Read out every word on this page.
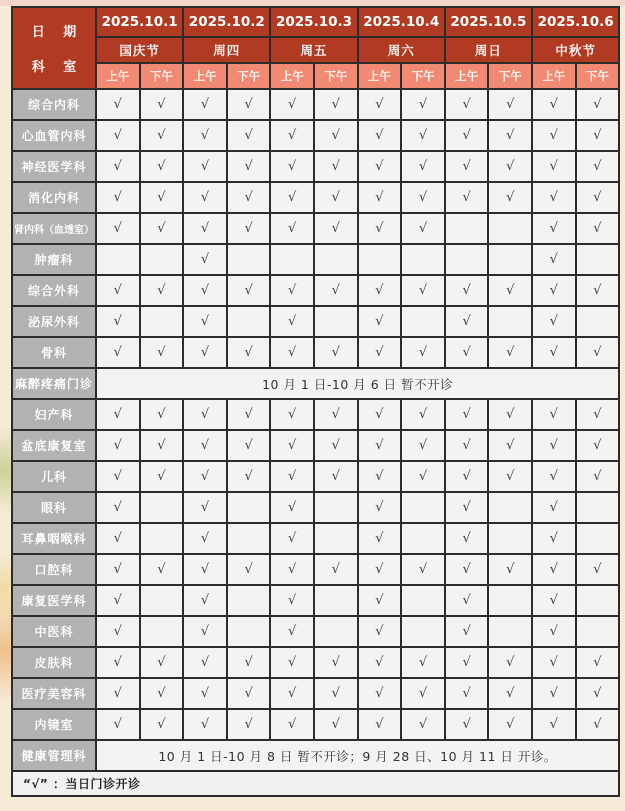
日 期
科 室	2025.10.1		2025.10.2		2025.10.3		2025.10.4		2025.10.5		2025.10.6	
	国庆节		周四		周五		周六		周日		中秋节	
	上午	下午	上午	下午	上午	下午	上午	下午	上午	下午	上午	下午
综合内科	√	√	√	√	√	√	√	√	√	√	√	√
心血管内科	√	√	√	√	√	√	√	√	√	√	√	√
神经医学科	√	√	√	√	√	√	√	√	√	√	√	√
消化内科	√	√	√	√	√	√	√	√	√	√	√	√
肾内科（血透室）	√	√	√	√	√	√	√	√			√	√
肿瘤科			√								√	
综合外科	√	√	√	√	√	√	√	√	√	√	√	√
泌尿外科	√		√		√		√		√		√	
骨科	√	√	√	√	√	√	√	√	√	√	√	√
麻醉疼痛门诊	10 月 1 日-10 月 6 日 暂不开诊											
妇产科	√	√	√	√	√	√	√	√	√	√	√	√
盆底康复室	√	√	√	√	√	√	√	√	√	√	√	√
儿科	√	√	√	√	√	√	√	√	√	√	√	√
眼科	√		√		√		√		√		√	
耳鼻咽喉科	√		√		√		√		√		√	
口腔科	√	√	√	√	√	√	√	√	√	√	√	√
康复医学科	√		√		√		√		√		√	
中医科	√		√		√		√		√		√	
皮肤科	√	√	√	√	√	√	√	√	√	√	√	√
医疗美容科	√	√	√	√	√	√	√	√	√	√	√	√
内镜室	√	√	√	√	√	√	√	√	√	√	√	√
健康管理科	10 月 1 日-10 月 8 日 暂不开诊；9 月 28 日、10 月 11 日 开诊。											
“√” ：当日门诊开诊												
